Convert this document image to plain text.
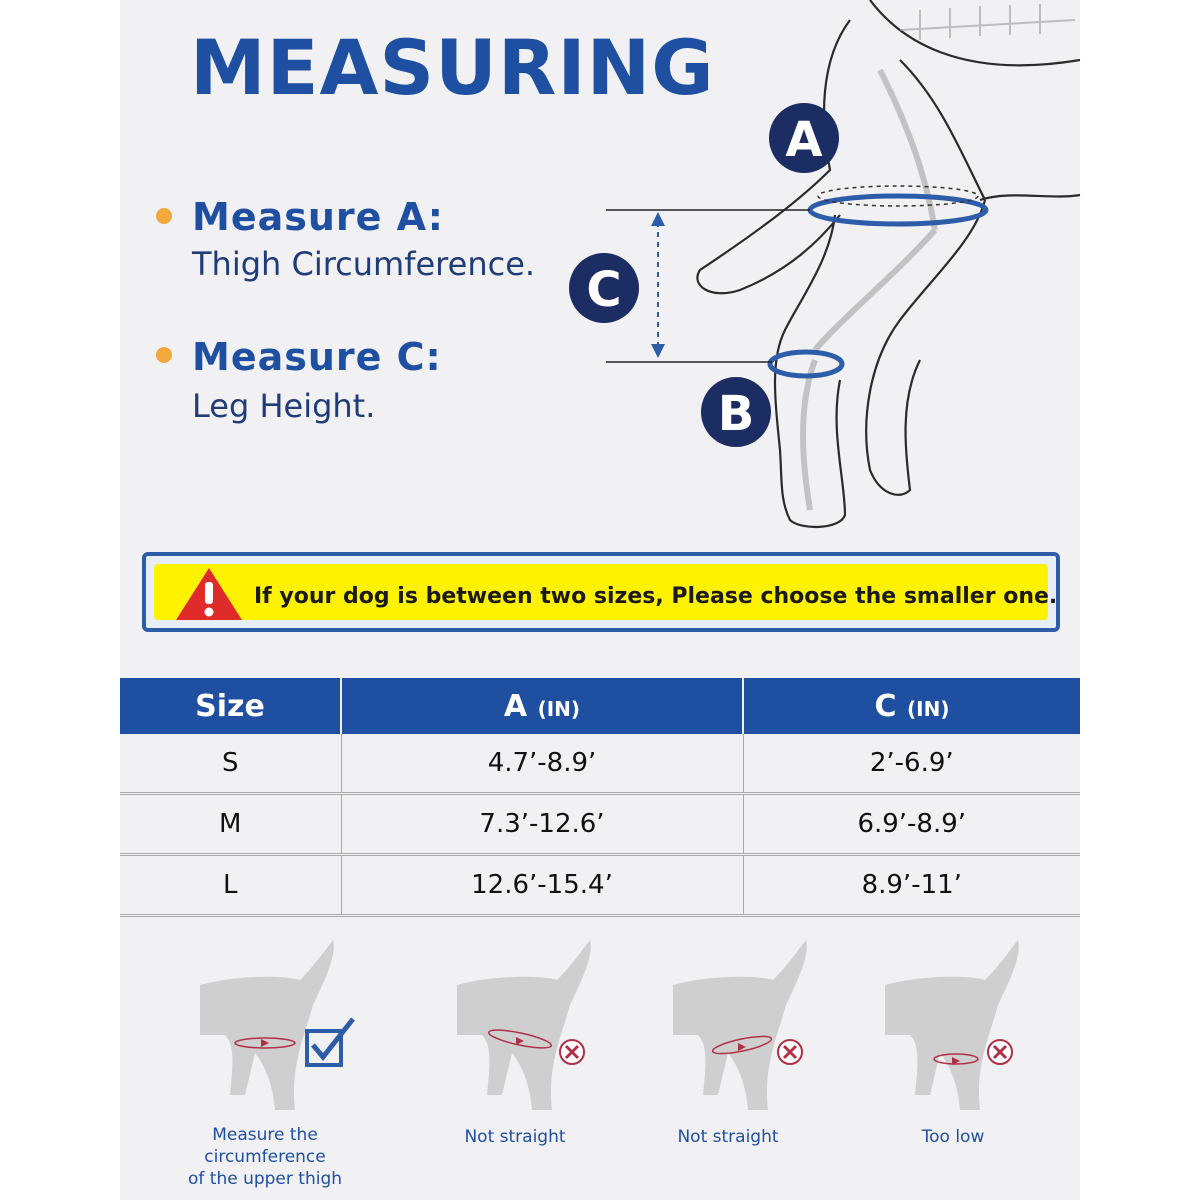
MEASURING
Measure A:
Thigh Circumference.
Measure C:
Leg Height.
A
C
B
If your dog is between two sizes, Please choose the smaller one.
Size	A (IN)	C (IN)
S	4.7’-8.9’	2’-6.9’
M	7.3’-12.6’	6.9’-8.9’
L	12.6’-15.4’	8.9’-11’
Measure the circumference
of the upper thigh
Not straight	Not straight	Too low
